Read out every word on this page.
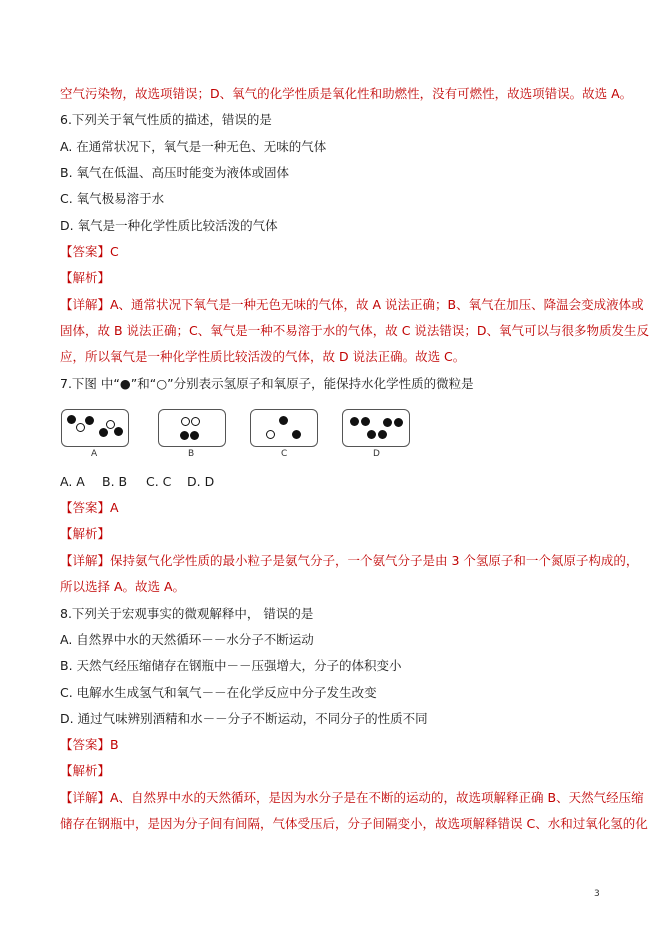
空气污染物，故选项错误；D、氧气的化学性质是氧化性和助燃性，没有可燃性，故选项错误。故选 A。
6.下列关于氧气性质的描述，错误的是
A. 在通常状况下，氧气是一种无色、无味的气体
B. 氧气在低温、高压时能变为液体或固体
C. 氧气极易溶于水
D. 氧气是一种化学性质比较活泼的气体
【答案】C
【解析】
【详解】A、通常状况下氧气是一种无色无味的气体，故 A 说法正确；B、氧气在加压、降温会变成液体或
固体，故 B 说法正确；C、氧气是一种不易溶于水的气体，故 C 说法错误；D、氧气可以与很多物质发生反
应，所以氧气是一种化学性质比较活泼的气体，故 D 说法正确。故选 C。
7.下图 中“●”和“○”分别表示氢原子和氧原子，能保持水化学性质的微粒是
A	B	C	D
A. A B. B C. C D. D
【答案】A
【解析】
【详解】保持氨气化学性质的最小粒子是氨气分子，一个氨气分子是由 3 个氢原子和一个氮原子构成的，
所以选择 A。故选 A。
8.下列关于宏观事实的微观解释中， 错误的是
A. 自然界中水的天然循环－－水分子不断运动
B. 天然气经压缩储存在钢瓶中－－压强增大，分子的体积变小
C. 电解水生成氢气和氧气－－在化学反应中分子发生改变
D. 通过气味辨别酒精和水－－分子不断运动，不同分子的性质不同
【答案】B
【解析】
【详解】A、自然界中水的天然循环，是因为水分子是在不断的运动的，故选项解释正确 B、天然气经压缩
储存在钢瓶中，是因为分子间有间隔，气体受压后，分子间隔变小，故选项解释错误 C、水和过氧化氢的化
3
